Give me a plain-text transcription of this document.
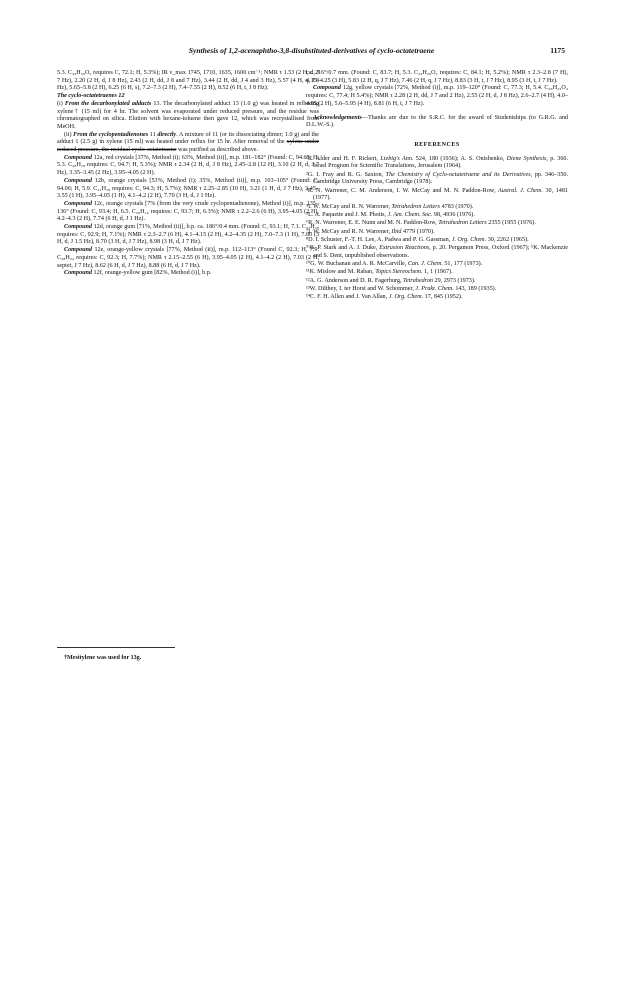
Synthesis of 1,2-acenaphtho-3,8-disubstituted-derivatives of cyclo-octatetraene	1175

5.3. C₃₄H₃₀O₂ requires C, 72.1; H, 5.3%); IR ν_max 1745, 1710, 1635, 1600 cm⁻¹; NMR τ 1.53 (2 H, d, J 7 Hz), 2.20 (2 H, d, J 8 Hz), 2.43 (2 H, dd, J 8 and 7 Hz), 3.44 (2 H, dd, J 4 and 3 Hz), 5.57 (4 H, q, J 8 Hz), 5.65–5.8 (2 H), 6.25 (6 H, s), 7.2–7.3 (2 H), 7.4–7.55 (2 H), 8.52 (6 H, t, J 8 Hz).

The cyclo-octatetraenes 12

(i) From the decarbonylated adducts 13. The decarbonylated adduct 13 (1.0 g) was heated in refluxing xylene† (15 ml) for 4 hr. The solvent was evaporated under reduced pressure, and the residue was chromatographed on silica. Elution with hexane-toluene then gave 12, which was recrystallised from MeOH.

(ii) From the cyclopentadienones 11 directly. A mixture of 11 (or its dissociating dimer; 1.0 g) and the adduct 1 (2.5 g) in xylene (15 ml) was heated under reflux for 15 hr. After removal of the xylene under reduced pressure, the residual cyclo-octatetraene was purified as described above.

Compound 12a, red crystals [37%, Method (i); 63%, Method (ii)], m.p. 181–182° (Found: C, 94.65; H, 5.3. C₂₈H₁₈ requires: C, 94.7; H, 5.3%); NMR τ 2.34 (2 H, d, J 8 Hz), 2.45–2.8 (12 H), 3.10 (2 H, d, J 7 Hz), 3.35–3.45 (2 Hz), 3.95–4.05 (2 H).

Compound 12b, orange crystals [53%, Method (i); 35%, Method (ii)], m.p. 103–105° (Found: C, 94.06; H, 5.9. C₂₂H₁₈ requires: C, 94.3; H, 5.7%); NMR τ 2.25–2.85 (10 H), 3.21 (1 H, d, J 7 Hz), 3.45–3.55 (1 H), 3.95–4.05 (1 H), 4.1–4.2 (2 H), 7.70 (3 H, d, J 1 Hz).

Compound 12c, orange crystals [7% (from the very crude cyclopentadienone), Method (i)], m.p. 135–136° (Found: C, 93.4; H, 6.5. C₂₀H₁₆ requires: C, 93.7; H, 6.3%); NMR τ 2.2–2.6 (6 H), 3.95–4.05 (2 H), 4.2–4.3 (2 H), 7.74 (6 H, d, J 1 Hz).

Compound 12d, orange gum [71%, Method (ii)], b.p. ca. 186°/0.4 mm. (Found: C, 93.1; H, 7.1. C₂₂H₂₀ requires: C, 92.9; H, 7.1%); NMR τ 2.3–2.7 (6 H), 4.1–4.15 (2 H), 4.2–4.35 (2 H), 7.0–7.3 (1 H), 7.80 (3 H, d, J 1.5 Hz), 8.70 (3 H, d, J 7 Hz), 8.98 (3 H, d, J 7 Hz).

Compound 12e, orange-yellow crystals [77%, Method (ii)], m.p. 112–113° (Found C, 92.3; H, 7.9. C₂₈H₂₄ requires: C, 92.3; H, 7.7%); NMR τ 2.15–2.55 (6 H), 3.95–4.05 (2 H), 4.1–4.2 (2 H), 7.03 (2 H, septet, J 7 Hz), 8.62 (6 H, d, J 7 Hz), 8.88 (6 H, d, J 7 Hz).

Compound 12f, orange-yellow gum [82%, Method (i)], b.p.

ca. 216°/0.7 mm. (Found: C, 83.7; H, 5.3. C₂₄H₂₀O₂ requires: C, 84.1; H, 5.2%); NMR τ 2.3–2.8 (7 H), 4.15–4.25 (3 H), 5.83 (2 H, q, J 7 Hz), 7.46 (2 H, q, J 7 Hz), 8.83 (3 H, t, J 7 Hz), 8.95 (3 H, t, J 7 Hz).

Compound 12g, yellow crystals [72%, Method (i)], m.p. 119–120° (Found: C, 77.3; H, 5.4. C₂₆H₂₂O₄ requires: C, 77.4; H 5.4%); NMR τ 2.28 (2 H, dd, J 7 and 2 Hz), 2.55 (2 H, d, J 8 Hz), 2.6–2.7 (4 H), 4.0–4.05 (2 H), 5.6–5.95 (4 H), 8.81 (6 H, t, J 7 Hz).

Acknowledgements—Thanks are due to the S.R.C. for the award of Studentships (to G.R.G. and D.L.W.-S.).

REFERENCES

¹K. Alder and H. F. Rickert, Liebig's Ann. 524, 180 (1936); A. S. Onishenko, Diene Synthesis, p. 360. Israel Program for Scientific Translations, Jerusalem (1964).

²G. I. Fray and R. G. Saxton, The Chemistry of Cyclo-octatetraene and its Derivatives, pp. 346–350. Cambridge University Press, Cambridge (1978).

³R. N. Warrener, C. M. Anderson, I. W. McCay and M. N. Paddon-Row, Austral. J. Chem. 30, 1481 (1977).

⁴I. W. McCay and R. N. Warrener, Tetrahedron Letters 4783 (1970).

⁵L. A. Paquette and J. M. Photis, J. Am. Chem. Soc. 98, 4936 (1976).

⁶R. N. Warrener, E. E. Nunn and M. N. Paddon-Row, Tetrahedron Letters 2355 (1955 (1976).

⁷I. W. McCay and R. N. Warrener, Ibid 4779 (1970).

⁸D. I. Schuster, F.-T. H. Lee, A. Padwa and P. G. Gassman, J. Org. Chem. 30, 2262 (1965).

⁹ᵃB. P. Stark and A. J. Duke, Extrusion Reactions, p. 20. Pergamon Press, Oxford (1967); ᵇK. Mackenzie and S. Dent, unpublished observations.

¹⁰G. W. Buchanan and A. R. McCarville, Can. J. Chem. 51, 177 (1973).

¹¹K. Mislow and M. Raban, Topics Stereochem. 1, 1 (1967).

¹²A. G. Anderson and D. R. Fagerburg, Tetrahedron 29, 2973 (1973).

¹³W. Dilthey, I. ter Horst and W. Schommer, J. Prakt. Chem. 143, 189 (1935).

¹⁴C. F. H. Allen and J. Van Allan, J. Org. Chem. 17, 845 (1952).

†Mesitylene was used for 13g.
